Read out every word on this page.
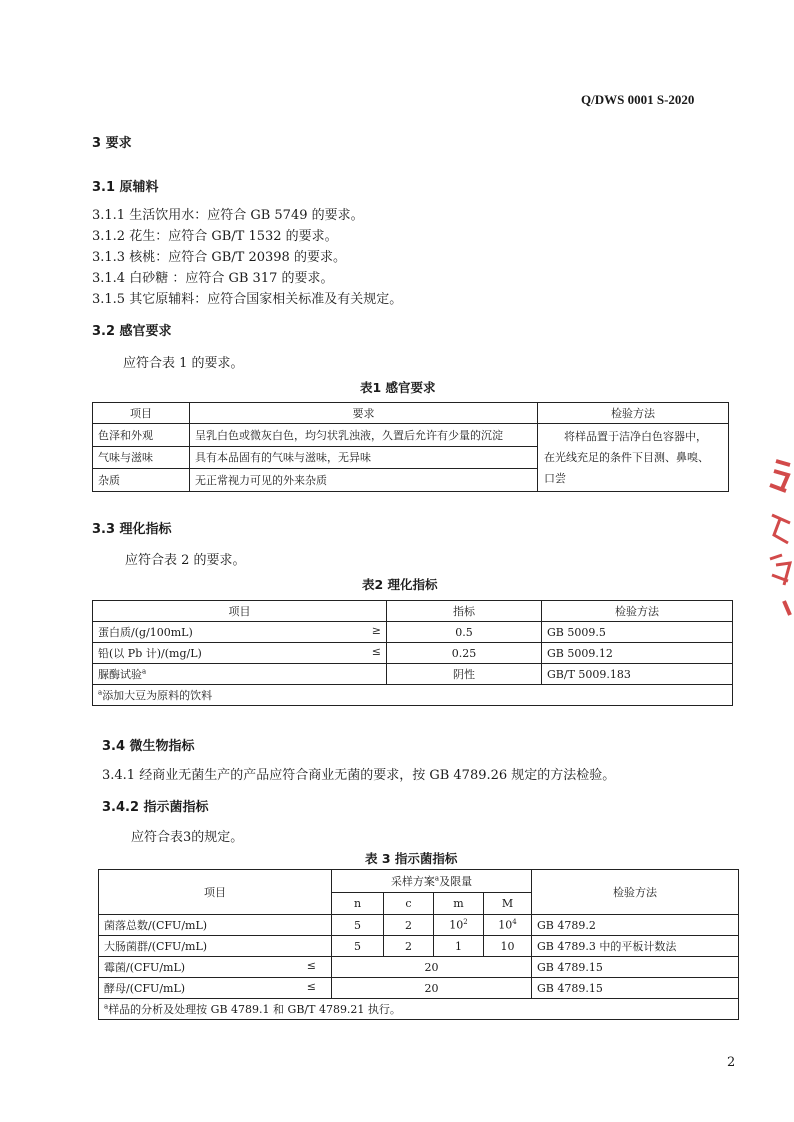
Q/DWS 0001 S-2020
3 要求
3.1 原辅料
3.1.1 生活饮用水：应符合 GB 5749 的要求。
3.1.2 花生：应符合 GB/T 1532 的要求。
3.1.3 核桃：应符合 GB/T 20398 的要求。
3.1.4 白砂糖 ：应符合 GB 317 的要求。
3.1.5 其它原辅料：应符合国家相关标准及有关规定。
3.2 感官要求
应符合表 1 的要求。
表1 感官要求
项目	要求	检验方法
色泽和外观	呈乳白色或微灰白色，均匀状乳浊液，久置后允许有少量的沉淀	将样品置于洁净白色容器中，
在光线充足的条件下目测、鼻嗅、
口尝

气味与滋味	具有本品固有的气味与滋味，无异味	
杂质	无正常视力可见的外来杂质	
3.3 理化指标
应符合表 2 的要求。
表2 理化指标
项目	指标	检验方法
蛋白质/(g/100mL) ≥	0.5	GB 5009.5
铅(以 Pb 计)/(mg/L) ≤	0.25	GB 5009.12
脲酶试验$^a$	阴性	GB/T 5009.183
$^a$添加大豆为原料的饮料		
3.4 微生物指标
3.4.1 经商业无菌生产的产品应符合商业无菌的要求，按 GB 4789.26 规定的方法检验。
3.4.2 指示菌指标
应符合表3的规定。
表 3 指示菌指标
项目	采样方案$^a$及限量				检验方法
	n	c	m	M	
菌落总数/(CFU/mL)	5	2	$10^2$	$10^4$	GB 4789.2
大肠菌群/(CFU/mL)	5	2	1	10	GB 4789.3 中的平板计数法
霉菌/(CFU/mL) ≤	20				GB 4789.15
酵母/(CFU/mL) ≤	20				GB 4789.15
$^a$样品的分析及处理按 GB 4789.1 和 GB/T 4789.21 执行。					
2
